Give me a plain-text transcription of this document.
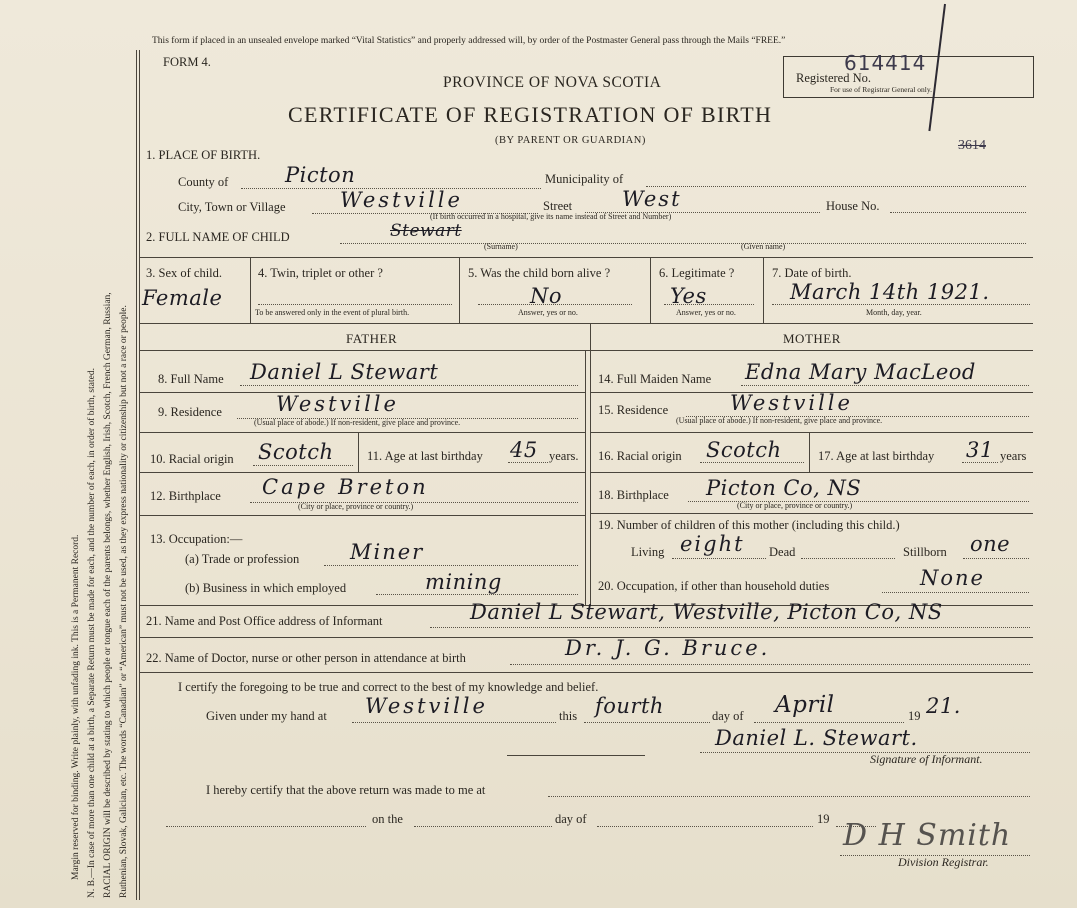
Margin reserved for binding. Write plainly, with unfading ink. This is a Permanent Record. N. B.—In case of more than one child at a birth, a Separate Return must be made for each, and the number of each, in order of birth, stated. RACIAL ORIGIN will be described by stating to which people or tongue each of the parents belongs, whether English, Irish, Scotch, French German, Russian, Ruthenian, Slovak, Galician, etc. The words “Canadian” or “American” must not be used, as they express nationality or citizenship but not a race or people.
This form if placed in an unsealed envelope marked “Vital Statistics” and properly addressed will, by order of the Postmaster General pass through the Mails “FREE.”
FORM 4.
PROVINCE OF NOVA SCOTIA
CERTIFICATE OF REGISTRATION OF BIRTH
(BY PARENT OR GUARDIAN)
Registered No.
614414
For use of Registrar General only.
3614
1. PLACE OF BIRTH.
County of	Picton	Municipality of
City, Town or Village	Westville	Street West	House No.
(If birth occurred in a hospital, give its name instead of Street and Number)
2. FULL NAME OF CHILD	Stewart
(Surname)	(Given name)
3. Sex of child.
Female
4. Twin, triplet or other ?
To be answered only in the event of plural birth.
5. Was the child born alive ?
No
Answer, yes or no.
6. Legitimate ?
Yes
Answer, yes or no.
7. Date of birth.
March 14th 1921.
Month, day, year.
FATHER	MOTHER
8. Full Name Daniel L Stewart
9. Residence	Westville
(Usual place of abode.) If non-resident, give place and province.
10. Racial origin Scotch	11. Age at last birthday 45 years.
12. Birthplace Cape Breton
(City or place, province or country.)
13. Occupation:—
(a) Trade or profession Miner
(b) Business in which employed	mining
14. Full Maiden Name Edna Mary MacLeod
15. Residence	Westville
(Usual place of abode.) If non-resident, give place and province.
16. Racial origin Scotch	17. Age at last birthday 31 years
18. Birthplace Picton Co, NS
(City or place, province or country.)
19. Number of children of this mother (including this child.)
Living eight Dead	Stillborn one
20. Occupation, if other than household duties	None
21. Name and Post Office address of Informant	Daniel L Stewart, Westville, Picton Co, NS
22. Name of Doctor, nurse or other person in attendance at birth	Dr. J. G. Bruce.
I certify the foregoing to be true and correct to the best of my knowledge and belief.
Given under my hand at Westville	this fourth	day of April	19 21.
Daniel L. Stewart.
Signature of Informant.
I hereby certify that the above return was made to me at
on the	day of	19 D H Smith
Division Registrar.
